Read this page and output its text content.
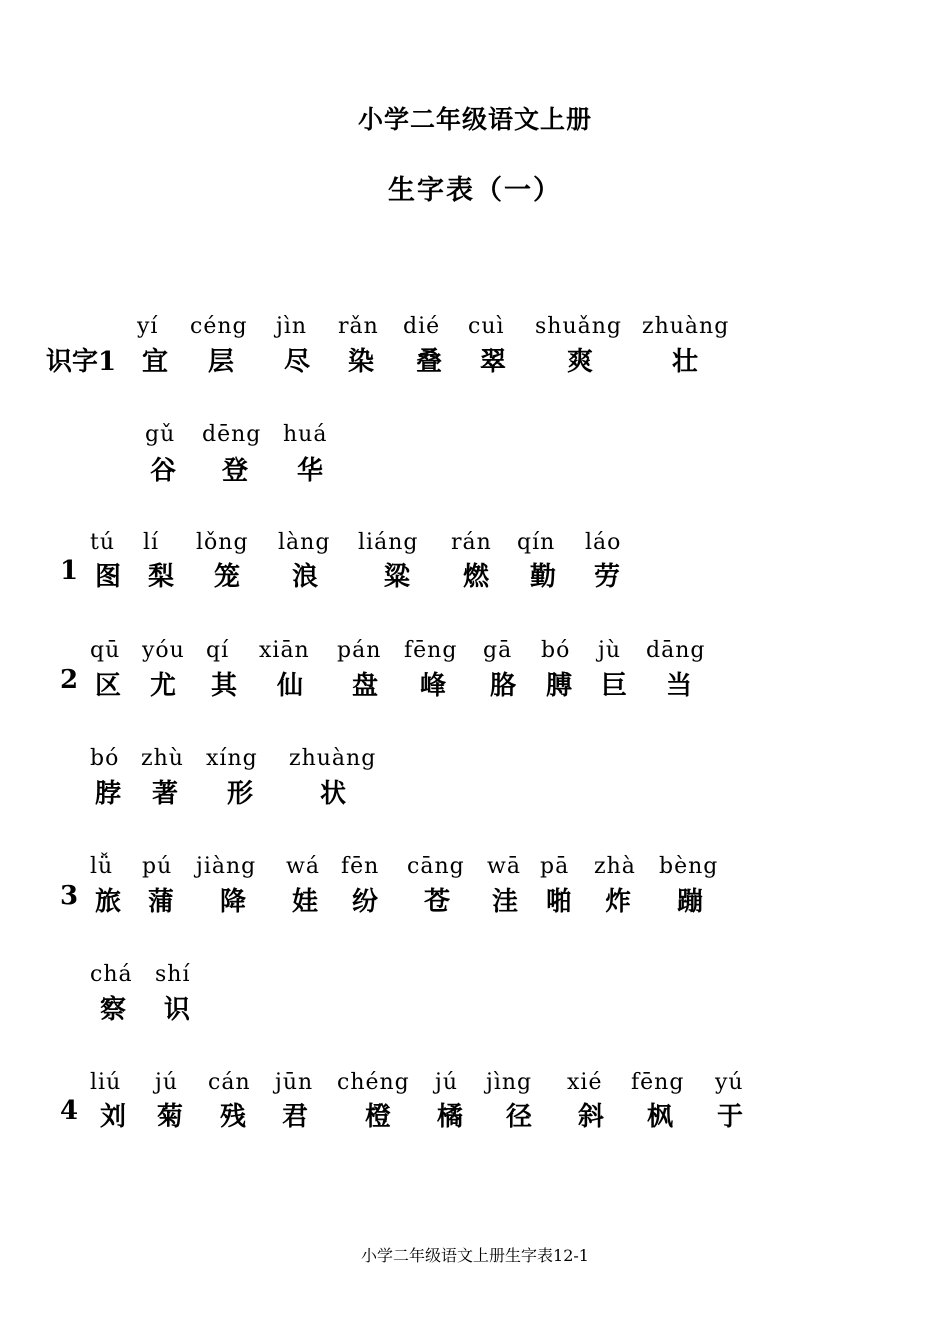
小学二年级语文上册
生字表（一）
识字1
yí
宜
céng
层
jìn
尽
rǎn
染
dié
叠
cuì
翠
shuǎng
爽
zhuàng
壮
gǔ
谷
dēng
登
huá
华
1
tú
图
lí
梨
lǒng
笼
làng
浪
liáng
粱
rán
燃
qín
勤
láo
劳
2
qū
区
yóu
尤
qí
其
xiān
仙
pán
盘
fēng
峰
gā
胳
bó
膊
jù
巨
dāng
当
bó
脖
zhù
著
xíng
形
zhuàng
状
3
lǚ
旅
pú
蒲
jiàng
降
wá
娃
fēn
纷
cāng
苍
wā
洼
pā
啪
zhà
炸
bèng
蹦
chá
察
shí
识
4
liú
刘
jú
菊
cán
残
jūn
君
chéng
橙
jú
橘
jìng
径
xié
斜
fēng
枫
yú
于
小学二年级语文上册生字表12-1
